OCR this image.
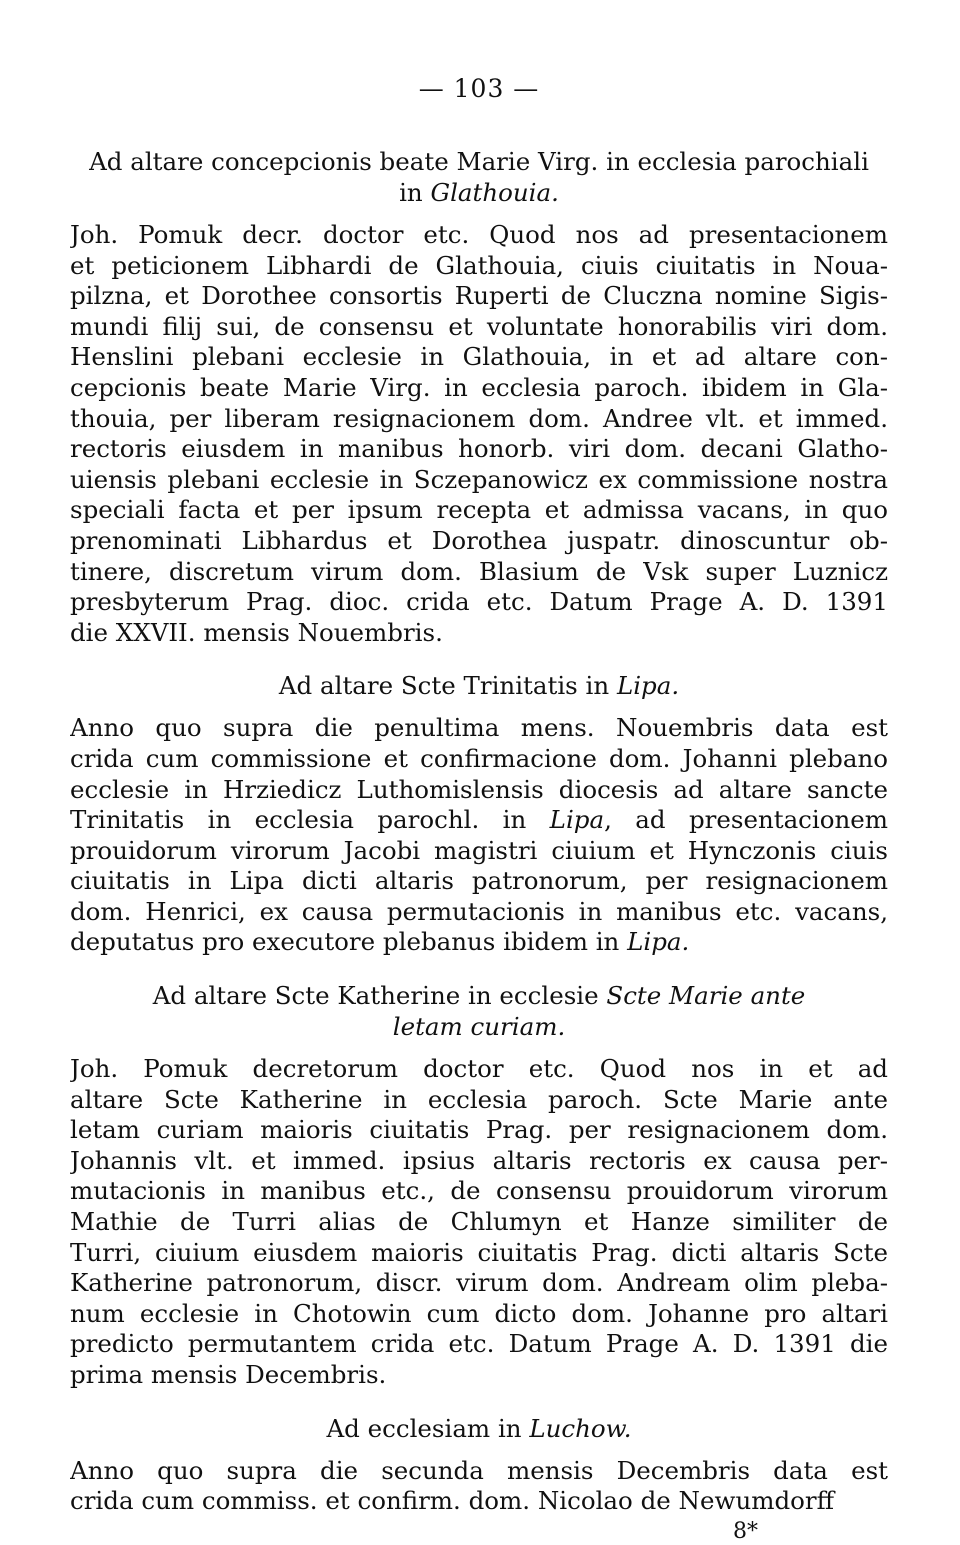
— 103 —
Ad altare concepcionis beate Marie Virg. in ecclesia parochiali
in Glathouia.
Joh. Pomuk decr. doctor etc. Quod nos ad presentacionem
et peticionem Libhardi de Glathouia, ciuis ciuitatis in Noua-
pilzna, et Dorothee consortis Ruperti de Cluczna nomine Sigis-
mundi filij sui, de consensu et voluntate honorabilis viri dom.
Henslini plebani ecclesie in Glathouia, in et ad altare con-
cepcionis beate Marie Virg. in ecclesia paroch. ibidem in Gla-
thouia, per liberam resignacionem dom. Andree vlt. et immed.
rectoris eiusdem in manibus honorb. viri dom. decani Glatho-
uiensis plebani ecclesie in Sczepanowicz ex commissione nostra
speciali facta et per ipsum recepta et admissa vacans, in quo
prenominati Libhardus et Dorothea juspatr. dinoscuntur ob-
tinere, discretum virum dom. Blasium de Vsk super Luznicz
presbyterum Prag. dioc. crida etc. Datum Prage A. D. 1391
die XXVII. mensis Nouembris.
Ad altare Scte Trinitatis in Lipa.
Anno quo supra die penultima mens. Nouembris data est
crida cum commissione et confirmacione dom. Johanni plebano
ecclesie in Hrziedicz Luthomislensis diocesis ad altare sancte
Trinitatis in ecclesia parochl. in Lipa, ad presentacionem
prouidorum virorum Jacobi magistri ciuium et Hynczonis ciuis
ciuitatis in Lipa dicti altaris patronorum, per resignacionem
dom. Henrici, ex causa permutacionis in manibus etc. vacans,
deputatus pro executore plebanus ibidem in Lipa.
Ad altare Scte Katherine in ecclesie Scte Marie ante
letam curiam.
Joh. Pomuk decretorum doctor etc. Quod nos in et ad
altare Scte Katherine in ecclesia paroch. Scte Marie ante
letam curiam maioris ciuitatis Prag. per resignacionem dom.
Johannis vlt. et immed. ipsius altaris rectoris ex causa per-
mutacionis in manibus etc., de consensu prouidorum virorum
Mathie de Turri alias de Chlumyn et Hanze similiter de
Turri, ciuium eiusdem maioris ciuitatis Prag. dicti altaris Scte
Katherine patronorum, discr. virum dom. Andream olim pleba-
num ecclesie in Chotowin cum dicto dom. Johanne pro altari
predicto permutantem crida etc. Datum Prage A. D. 1391 die
prima mensis Decembris.
Ad ecclesiam in Luchow.
Anno quo supra die secunda mensis Decembris data est
crida cum commiss. et confirm. dom. Nicolao de Newumdorff
8*
